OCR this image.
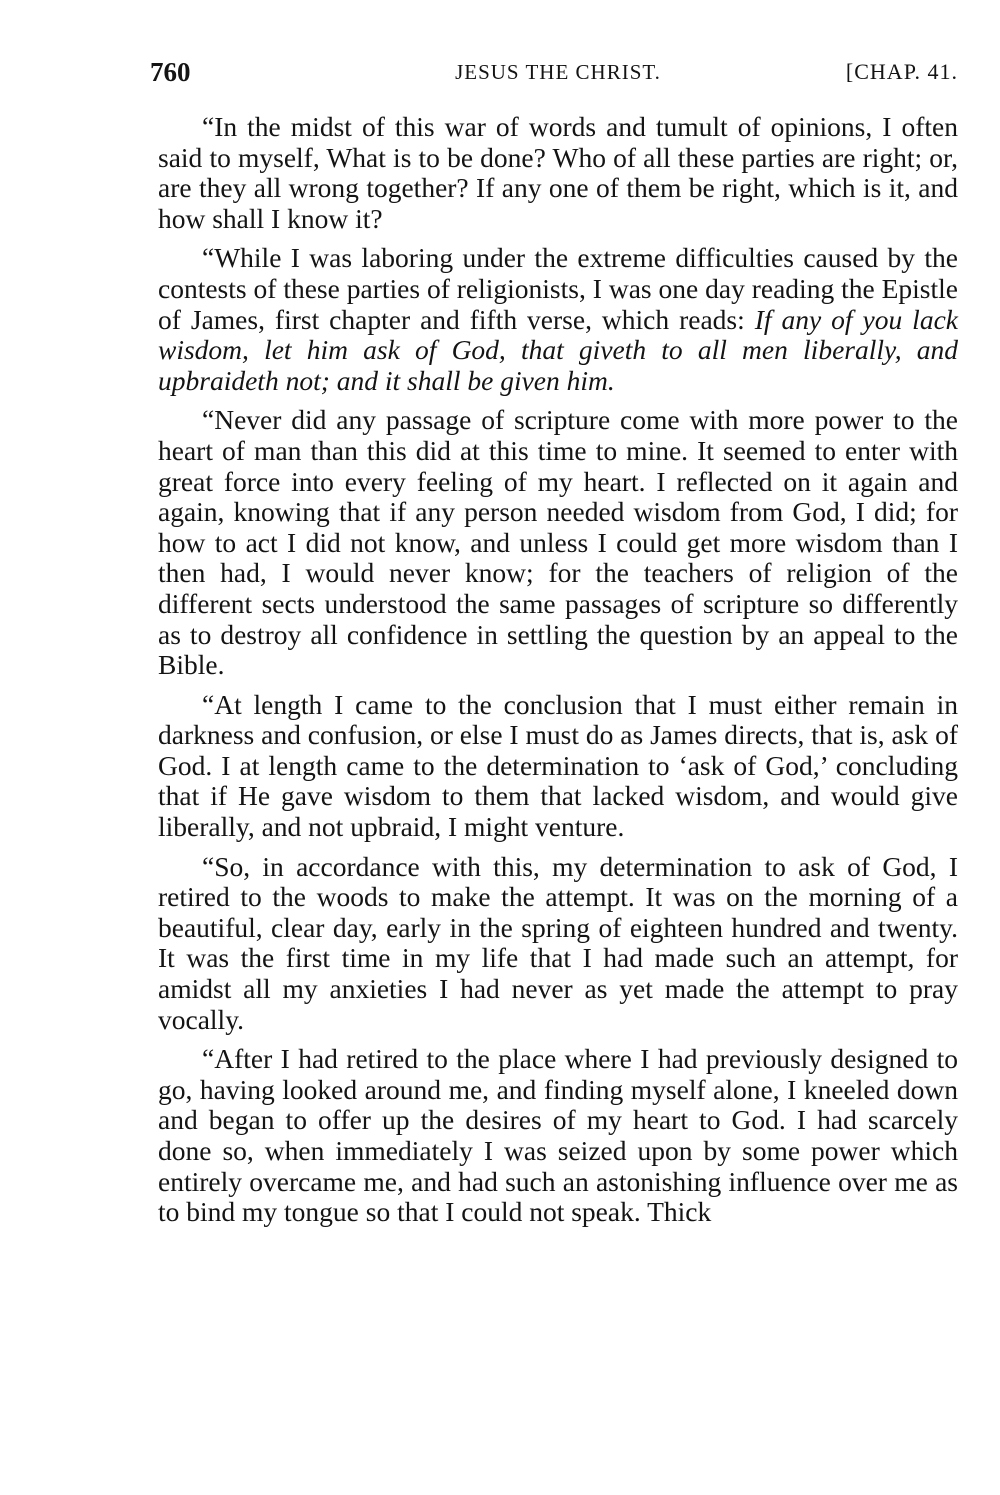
760	JESUS THE CHRIST.	[CHAP. 41.

“In the midst of this war of words and tumult of opinions, I often said to myself, What is to be done? Who of all these parties are right; or, are they all wrong together? If any one of them be right, which is it, and how shall I know it?

“While I was laboring under the extreme difficulties caused by the contests of these parties of religionists, I was one day reading the Epistle of James, first chapter and fifth verse, which reads: If any of you lack wisdom, let him ask of God, that giveth to all men liberally, and upbraideth not; and it shall be given him.

“Never did any passage of scripture come with more power to the heart of man than this did at this time to mine. It seemed to enter with great force into every feeling of my heart. I reflected on it again and again, knowing that if any person needed wisdom from God, I did; for how to act I did not know, and unless I could get more wisdom than I then had, I would never know; for the teachers of religion of the different sects understood the same passages of scripture so differently as to destroy all confidence in settling the question by an appeal to the Bible.

“At length I came to the conclusion that I must either remain in darkness and confusion, or else I must do as James directs, that is, ask of God. I at length came to the determination to ‘ask of God,’ concluding that if He gave wisdom to them that lacked wisdom, and would give liberally, and not upbraid, I might venture.

“So, in accordance with this, my determination to ask of God, I retired to the woods to make the attempt. It was on the morning of a beautiful, clear day, early in the spring of eighteen hundred and twenty. It was the first time in my life that I had made such an attempt, for amidst all my anxieties I had never as yet made the attempt to pray vocally.

“After I had retired to the place where I had previously designed to go, having looked around me, and finding myself alone, I kneeled down and began to offer up the desires of my heart to God. I had scarcely done so, when immediately I was seized upon by some power which entirely overcame me, and had such an astonishing influence over me as to bind my tongue so that I could not speak. Thick
